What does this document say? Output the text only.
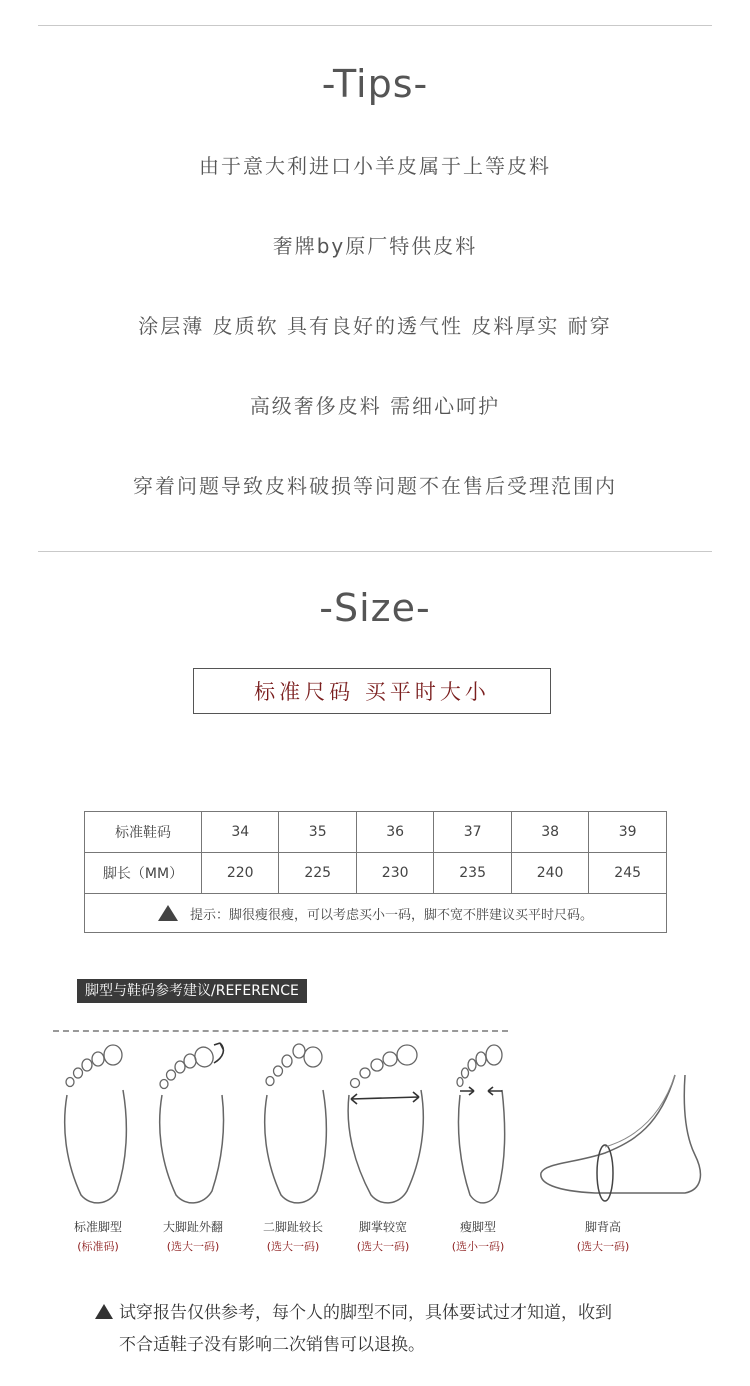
-Tips-
由于意大利进口小羊皮属于上等皮料
奢牌by原厂特供皮料
涂层薄 皮质软 具有良好的透气性 皮料厚实 耐穿
高级奢侈皮料 需细心呵护
穿着问题导致皮料破损等问题不在售后受理范围内
-Size-
标准尺码 买平时大小
标准鞋码	34	35	36	37	38	39
脚长（MM）	220	225	230	235	240	245
提示：脚很瘦很瘦，可以考虑买小一码，脚不宽不胖建议买平时尺码。						
脚型与鞋码参考建议/REFERENCE
标准脚型
(标准码)
大脚趾外翻
(选大一码)
二脚趾较长
(选大一码)
脚掌较宽
(选大一码)
瘦脚型
(选小一码)
脚背高
(选大一码)
试穿报告仅供参考，每个人的脚型不同，具体要试过才知道，收到
不合适鞋子没有影响二次销售可以退换。
